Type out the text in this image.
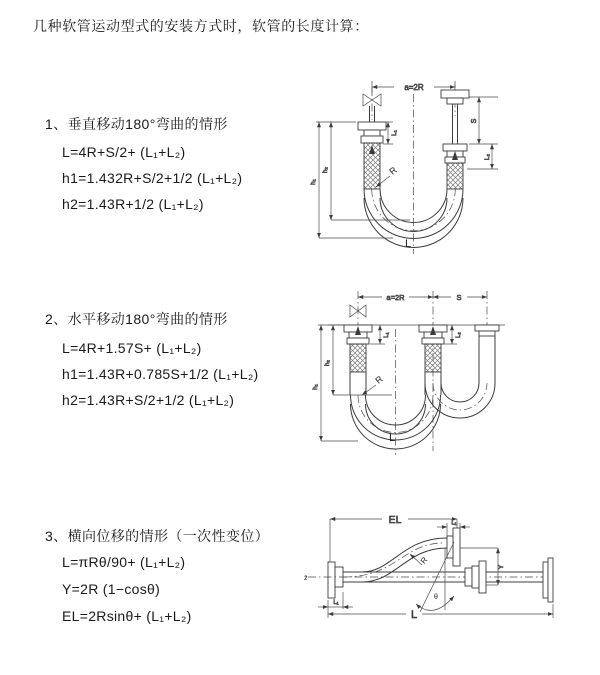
几种软管运动型式的安装方式时，软管的长度计算：
1、垂直移动180°弯曲的情形
L=4R+S/2+ (L₁+L₂)
h1=1.432R+S/2+1/2 (L₁+L₂)
h2=1.43R+1/2 (L₁+L₂)
2、水平移动180°弯曲的情形
L=4R+1.57S+ (L₁+L₂)
h1=1.43R+0.785S+1/2 (L₁+L₂)
h2=1.43R+S/2+1/2 (L₁+L₂)
3、横向位移的情形（一次性变位）
L=πRθ/90+ (L₁+L₂)
Y=2R (1−cosθ)
EL=2Rsinθ+ (L₁+L₂)
a=2R
L₁
S
L₂
h₂
h₁
R
L
a=2R	S
h₂
h₁
L₁	L₂
R
L
EL	L₁
Y
θ
R
L₁
L
z̄
